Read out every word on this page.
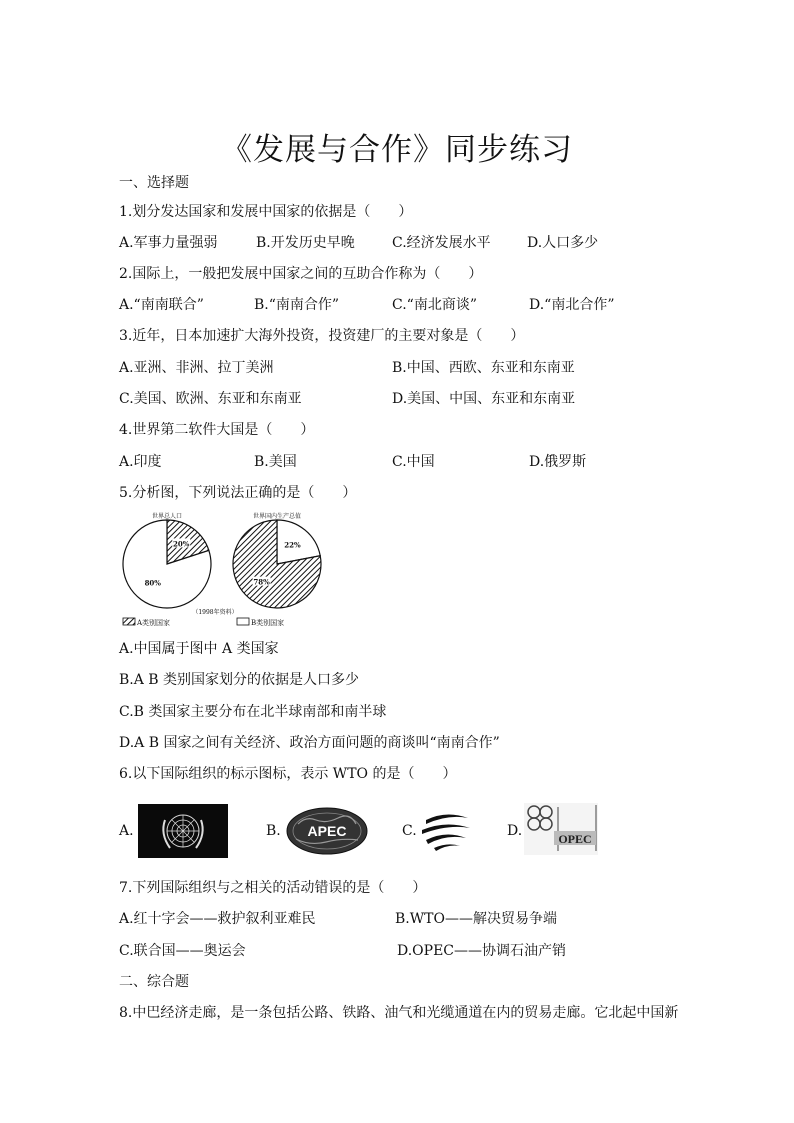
《发展与合作》同步练习
一、选择题
1.划分发达国家和发展中国家的依据是（　　）
A.军事力量强弱	B.开发历史早晚	C.经济发展水平	D.人口多少
2.国际上，一般把发展中国家之间的互助合作称为（　　）
A.“南南联合”	B.“南南合作”	C.“南北商谈”	D.“南北合作”
3.近年，日本加速扩大海外投资，投资建厂的主要对象是（　　）
A.亚洲、非洲、拉丁美洲	B.中国、西欧、东亚和东南亚
C.美国、欧洲、东亚和东南亚	D.美国、中国、东亚和东南亚
4.世界第二软件大国是（　　）
A.印度	B.美国	C.中国	D.俄罗斯
5.分析图，下列说法正确的是（　　）
世界总人口
20%
80%
世界国内生产总值
22%
78%
（1998年资料）
A类别国家	B类别国家
A.中国属于图中 A 类国家
B.A B 类别国家划分的依据是人口多少
C.B 类国家主要分布在北半球南部和南半球
D.A B 国家之间有关经济、政治方面问题的商谈叫“南南合作”
6.以下国际组织的标示图标，表示 WTO 的是（　　）
A.	B. APEC	C.	D.	OPEC
7.下列国际组织与之相关的活动错误的是（　　）
A.红十字会——救护叙利亚难民	B.WTO——解决贸易争端
C.联合国——奥运会	D.OPEC——协调石油产销
二、综合题
8.中巴经济走廊，是一条包括公路、铁路、油气和光缆通道在内的贸易走廊。它北起中国新
